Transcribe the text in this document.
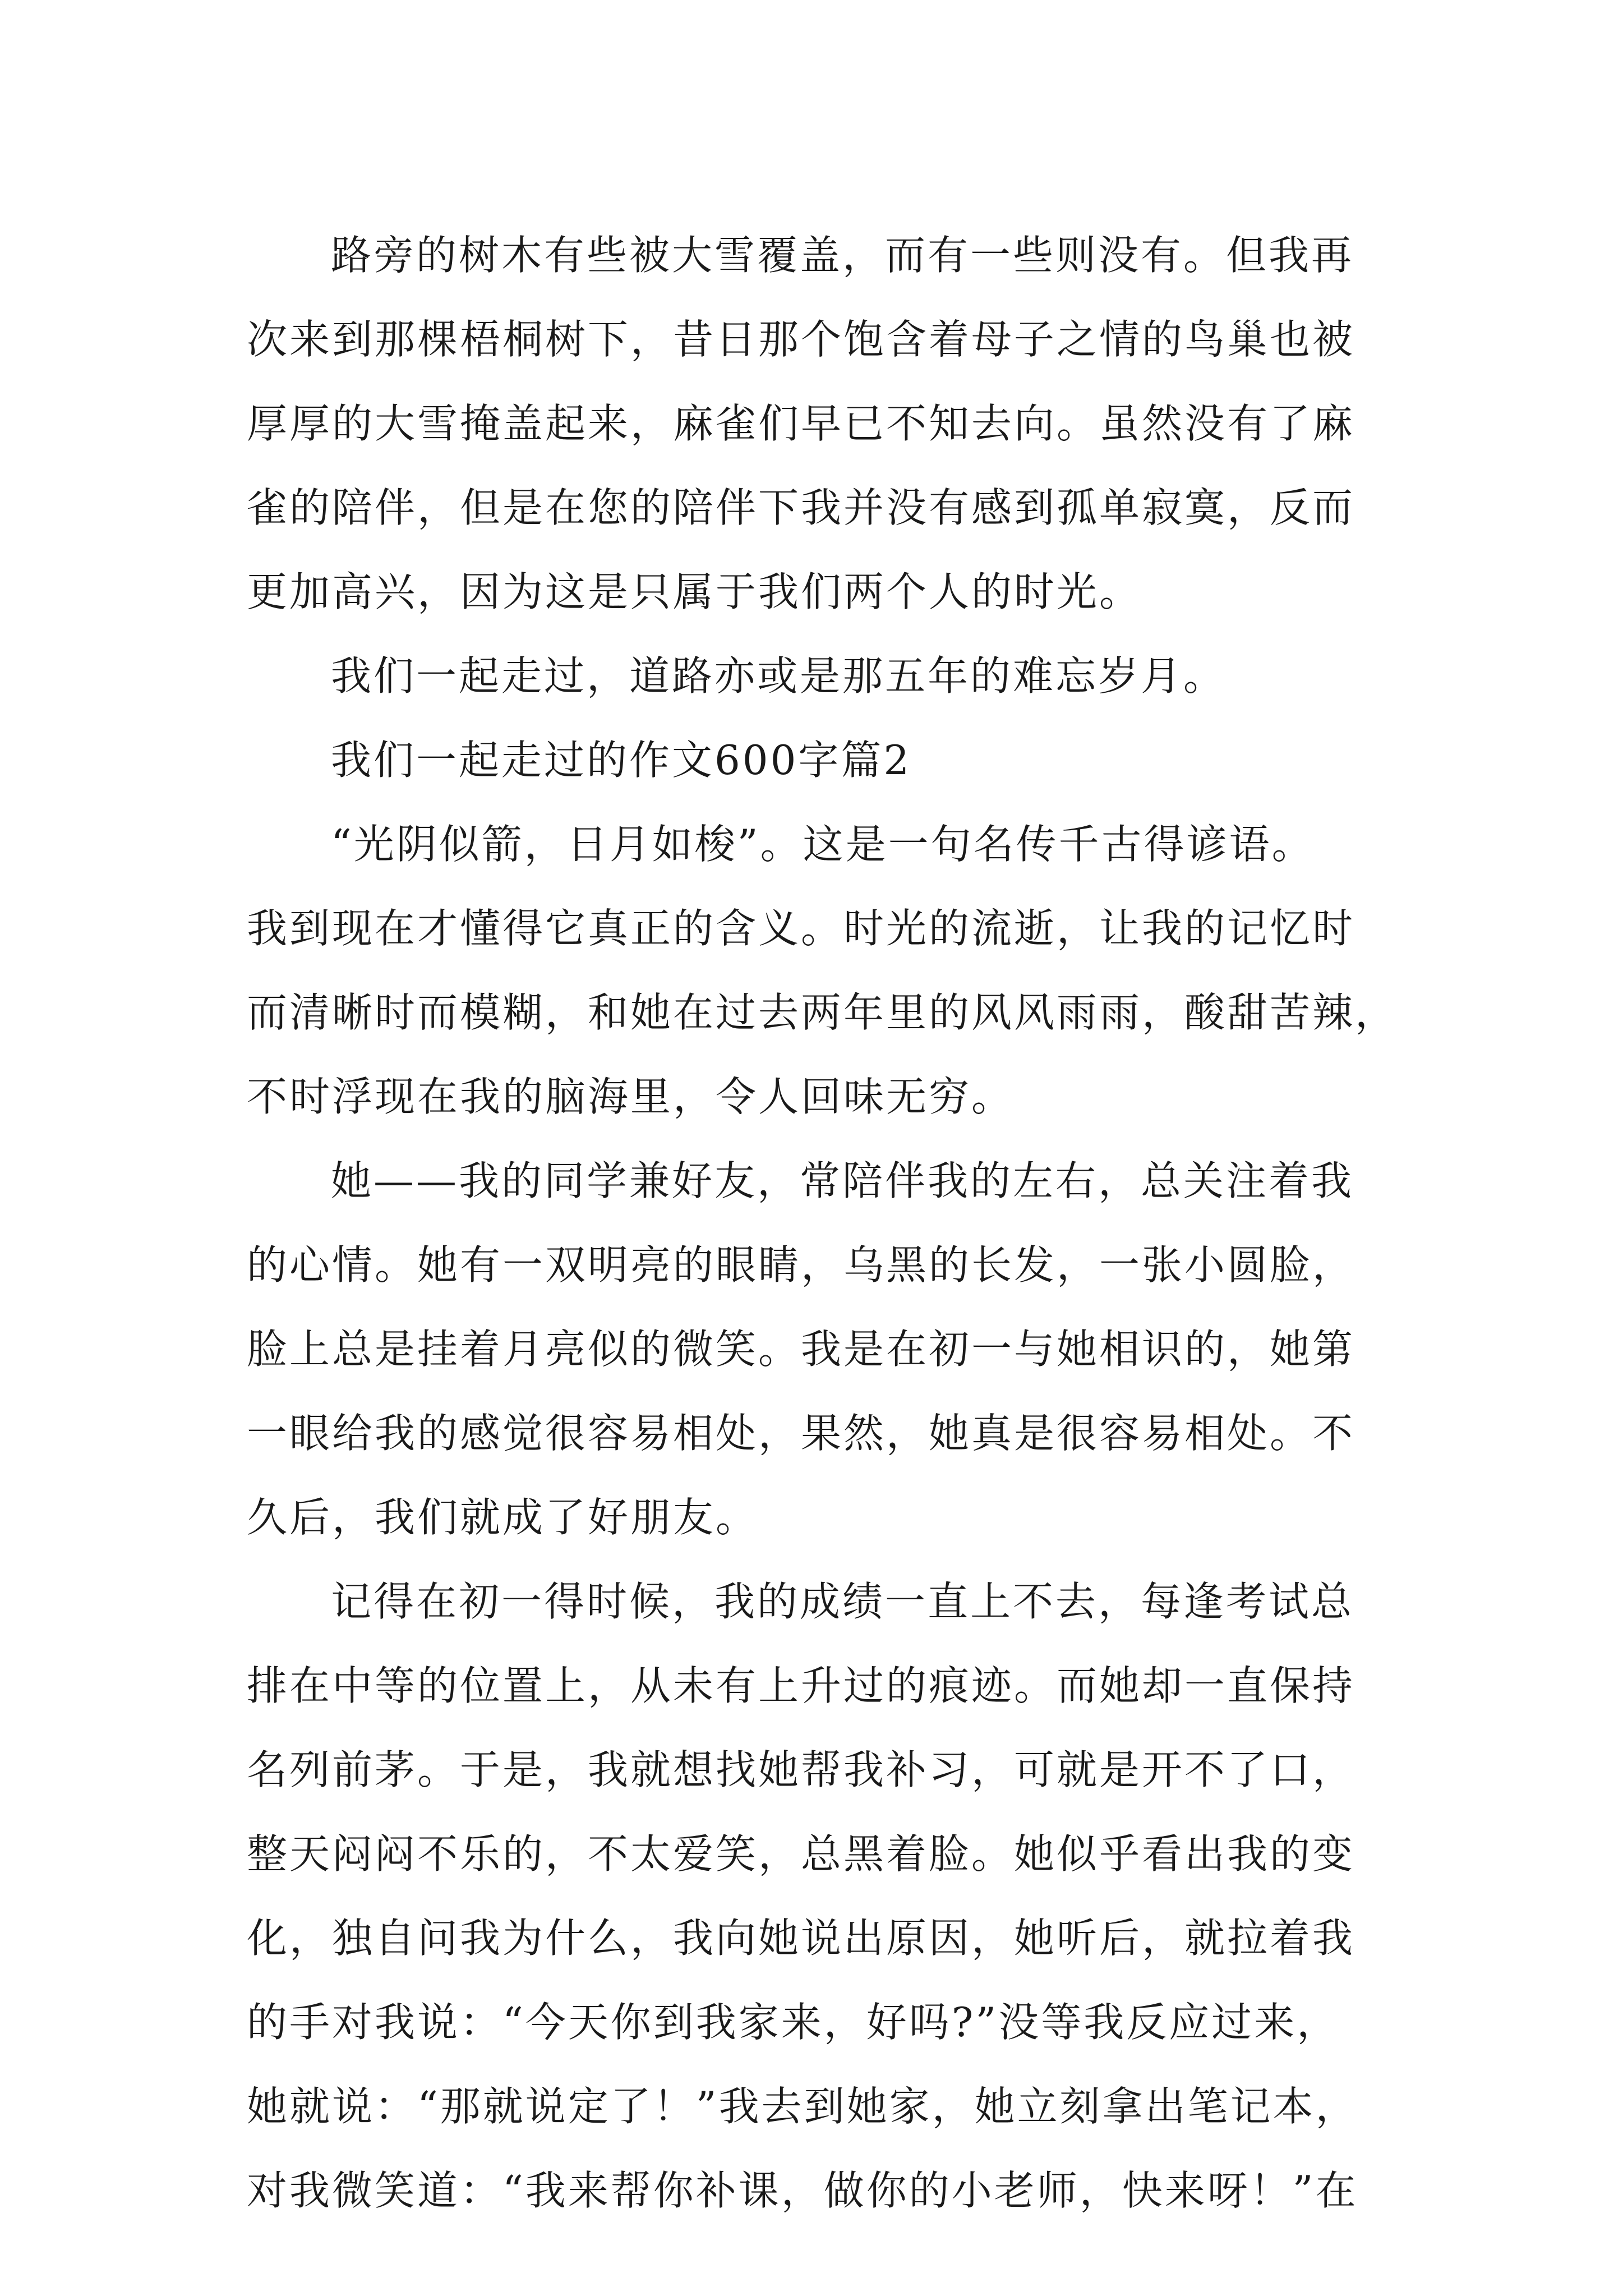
路旁的树木有些被大雪覆盖，而有一些则没有。但我再
次来到那棵梧桐树下，昔日那个饱含着母子之情的鸟巢也被
厚厚的大雪掩盖起来，麻雀们早已不知去向。虽然没有了麻
雀的陪伴，但是在您的陪伴下我并没有感到孤单寂寞，反而
更加高兴，因为这是只属于我们两个人的时光。
我们一起走过，道路亦或是那五年的难忘岁月。
我们一起走过的作文600字篇2
“光阴似箭，日月如梭”。这是一句名传千古得谚语。
我到现在才懂得它真正的含义。时光的流逝，让我的记忆时
而清晰时而模糊，和她在过去两年里的风风雨雨，酸甜苦辣，
不时浮现在我的脑海里，令人回味无穷。
她——我的同学兼好友，常陪伴我的左右，总关注着我
的心情。她有一双明亮的眼睛，乌黑的长发，一张小圆脸，
脸上总是挂着月亮似的微笑。我是在初一与她相识的，她第
一眼给我的感觉很容易相处，果然，她真是很容易相处。不
久后，我们就成了好朋友。
记得在初一得时候，我的成绩一直上不去，每逢考试总
排在中等的位置上，从未有上升过的痕迹。而她却一直保持
名列前茅。于是，我就想找她帮我补习，可就是开不了口，
整天闷闷不乐的，不太爱笑，总黑着脸。她似乎看出我的变
化，独自问我为什么，我向她说出原因，她听后，就拉着我
的手对我说：“今天你到我家来，好吗?”没等我反应过来，
她就说：“那就说定了！”我去到她家，她立刻拿出笔记本，
对我微笑道：“我来帮你补课，做你的小老师，快来呀！”在
